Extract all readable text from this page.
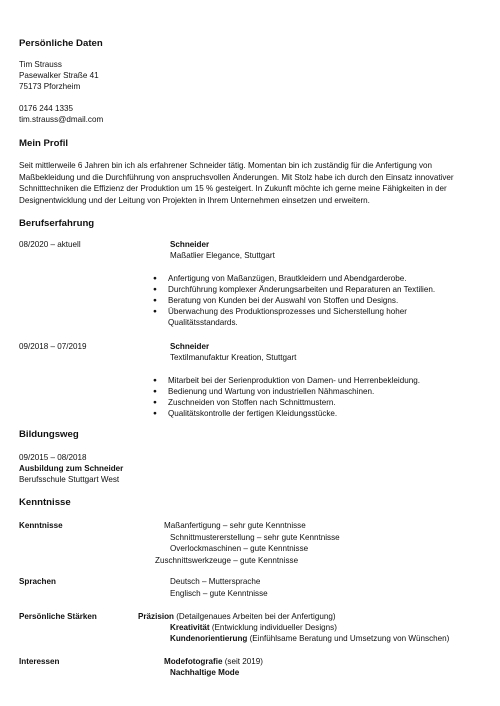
Persönliche Daten
Tim Strauss
Pasewalker Straße 41
75173 Pforzheim
0176 244 1335
tim.strauss@dmail.com
Mein Profil
Seit mittlerweile 6 Jahren bin ich als erfahrener Schneider tätig. Momentan bin ich zuständig für die Anfertigung von
Maßbekleidung und die Durchführung von anspruchsvollen Änderungen. Mit Stolz habe ich durch den Einsatz innovativer
Schnitttechniken die Effizienz der Produktion um 15 % gesteigert. In Zukunft möchte ich gerne meine Fähigkeiten in der
Designentwicklung und der Leitung von Projekten in Ihrem Unternehmen einsetzen und erweitern.
Berufserfahrung
08/2020 – aktuell	Schneider
Maßatlier Elegance, Stuttgart
● Anfertigung von Maßanzügen, Brautkleidern und Abendgarderobe.
● Durchführung komplexer Änderungsarbeiten und Reparaturen an Textilien.
● Beratung von Kunden bei der Auswahl von Stoffen und Designs.
● Überwachung des Produktionsprozesses und Sicherstellung hoher
Qualitätsstandards.
09/2018 – 07/2019	Schneider
Textilmanufaktur Kreation, Stuttgart
● Mitarbeit bei der Serienproduktion von Damen- und Herrenbekleidung.
● Bedienung und Wartung von industriellen Nähmaschinen.
● Zuschneiden von Stoffen nach Schnittmustern.
● Qualitätskontrolle der fertigen Kleidungsstücke.
Bildungsweg
09/2015 – 08/2018
Ausbildung zum Schneider
Berufsschule Stuttgart West
Kenntnisse
Kenntnisse	Maßanfertigung – sehr gute Kenntnisse
Schnittmustererstellung – sehr gute Kenntnisse
Overlockmaschinen – gute Kenntnisse
Zuschnittswerkzeuge – gute Kenntnisse
Sprachen	Deutsch – Muttersprache
Englisch – gute Kenntnisse
Persönliche Stärken	Präzision (Detailgenaues Arbeiten bei der Anfertigung)
Kreativität (Entwicklung individueller Designs)
Kundenorientierung (Einfühlsame Beratung und Umsetzung von Wünschen)
Interessen	Modefotografie (seit 2019)
Nachhaltige Mode
